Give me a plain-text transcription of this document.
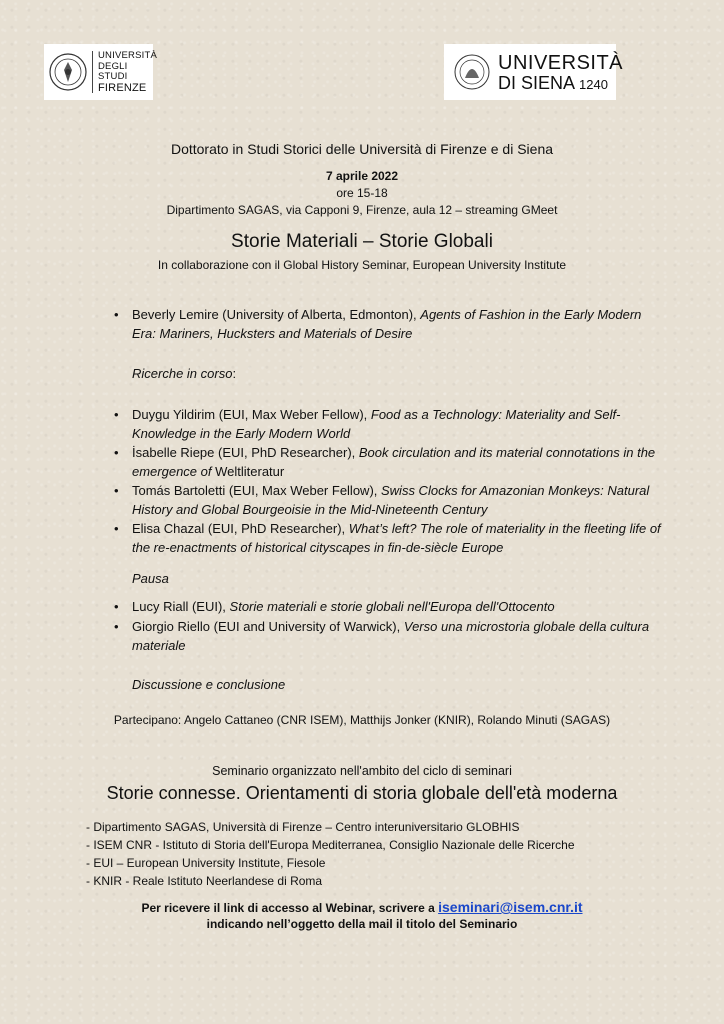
UNIVERSITÀ
DEGLI STUDI
FIRENZE
UNIVERSITÀ
DI SIENA 1240
Dottorato in Studi Storici delle Università di Firenze e di Siena
7 aprile 2022
ore 15-18
Dipartimento SAGAS, via Capponi 9, Firenze, aula 12 – streaming GMeet
Storie Materiali – Storie Globali
In collaborazione con il Global History Seminar, European University Institute
• Beverly Lemire (University of Alberta, Edmonton), Agents of Fashion in the Early Modern
Era: Mariners, Hucksters and Materials of Desire
Ricerche in corso:
• Duygu Yildirim (EUI, Max Weber Fellow), Food as a Technology: Materiality and Self-
Knowledge in the Early Modern World
• İsabelle Riepe (EUI, PhD Researcher), Book circulation and its material connotations in the
emergence of Weltliteratur
• Tomás Bartoletti (EUI, Max Weber Fellow), Swiss Clocks for Amazonian Monkeys: Natural
History and Global Bourgeoisie in the Mid-Nineteenth Century
• Elisa Chazal (EUI, PhD Researcher), What’s left? The role of materiality in the fleeting life of
the re-enactments of historical cityscapes in fin-de-siècle Europe
Pausa
• Lucy Riall (EUI), Storie materiali e storie globali nell'Europa dell'Ottocento
• Giorgio Riello (EUI and University of Warwick), Verso una microstoria globale della cultura
materiale
Discussione e conclusione
Partecipano: Angelo Cattaneo (CNR ISEM), Matthijs Jonker (KNIR), Rolando Minuti (SAGAS)
Seminario organizzato nell'ambito del ciclo di seminari
Storie connesse. Orientamenti di storia globale dell'età moderna
- Dipartimento SAGAS, Università di Firenze – Centro interuniversitario GLOBHIS
- ISEM CNR - Istituto di Storia dell'Europa Mediterranea, Consiglio Nazionale delle Ricerche
- EUI – European University Institute, Fiesole
- KNIR - Reale Istituto Neerlandese di Roma
Per ricevere il link di accesso al Webinar, scrivere a iseminari@isem.cnr.it
indicando nell’oggetto della mail il titolo del Seminario
